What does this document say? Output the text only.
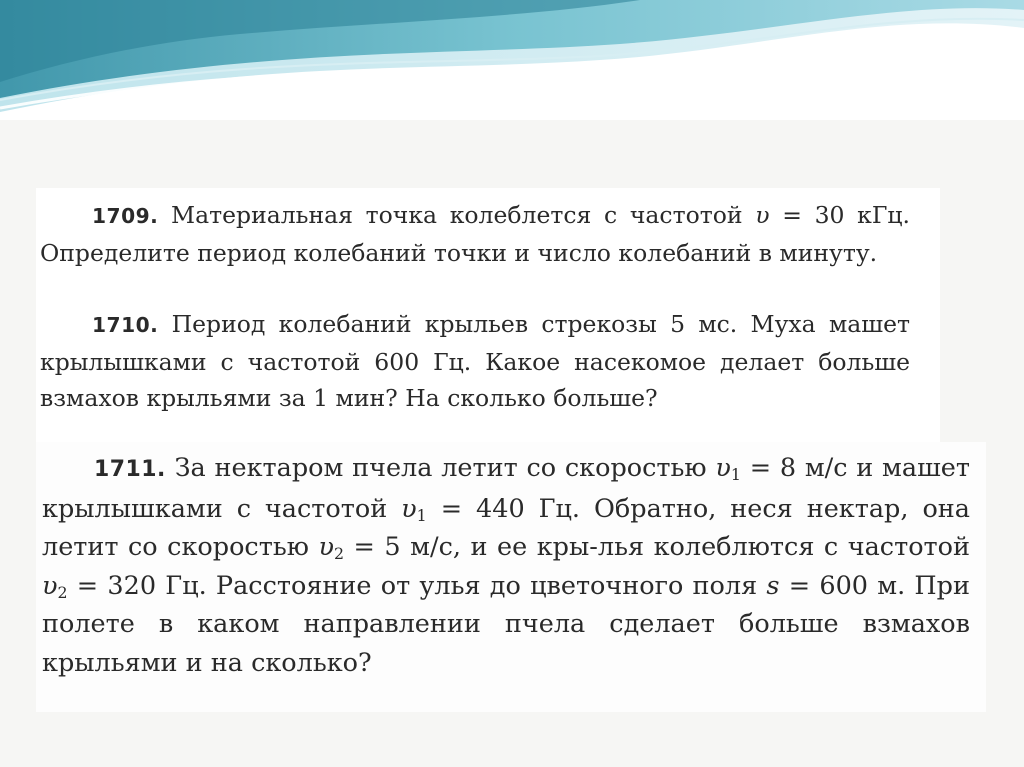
1709. Материальная точка колеблется с частотой υ = 30 кГц. Определите период колебаний точки и число колебаний в минуту.

1710. Период колебаний крыльев стрекозы 5 мс. Муха машет крылышками с частотой 600 Гц. Какое насекомое делает больше взмахов крыльями за 1 мин? На сколько больше?

1711. За нектаром пчела летит со скоростью $\upsilon_1 = 8$ м/с и машет крылышками с частотой $\upsilon_1 = 440$ Гц. Обратно, неся нектар, она летит со скоростью $\upsilon_2 = 5$ м/с, и ее кры-​лья колеблются с частотой $\upsilon_2 = 320$ Гц. Расстояние от улья до цветочного поля s = 600 м. При полете в каком направлении пчела сделает больше взмахов крыльями и на сколько?
